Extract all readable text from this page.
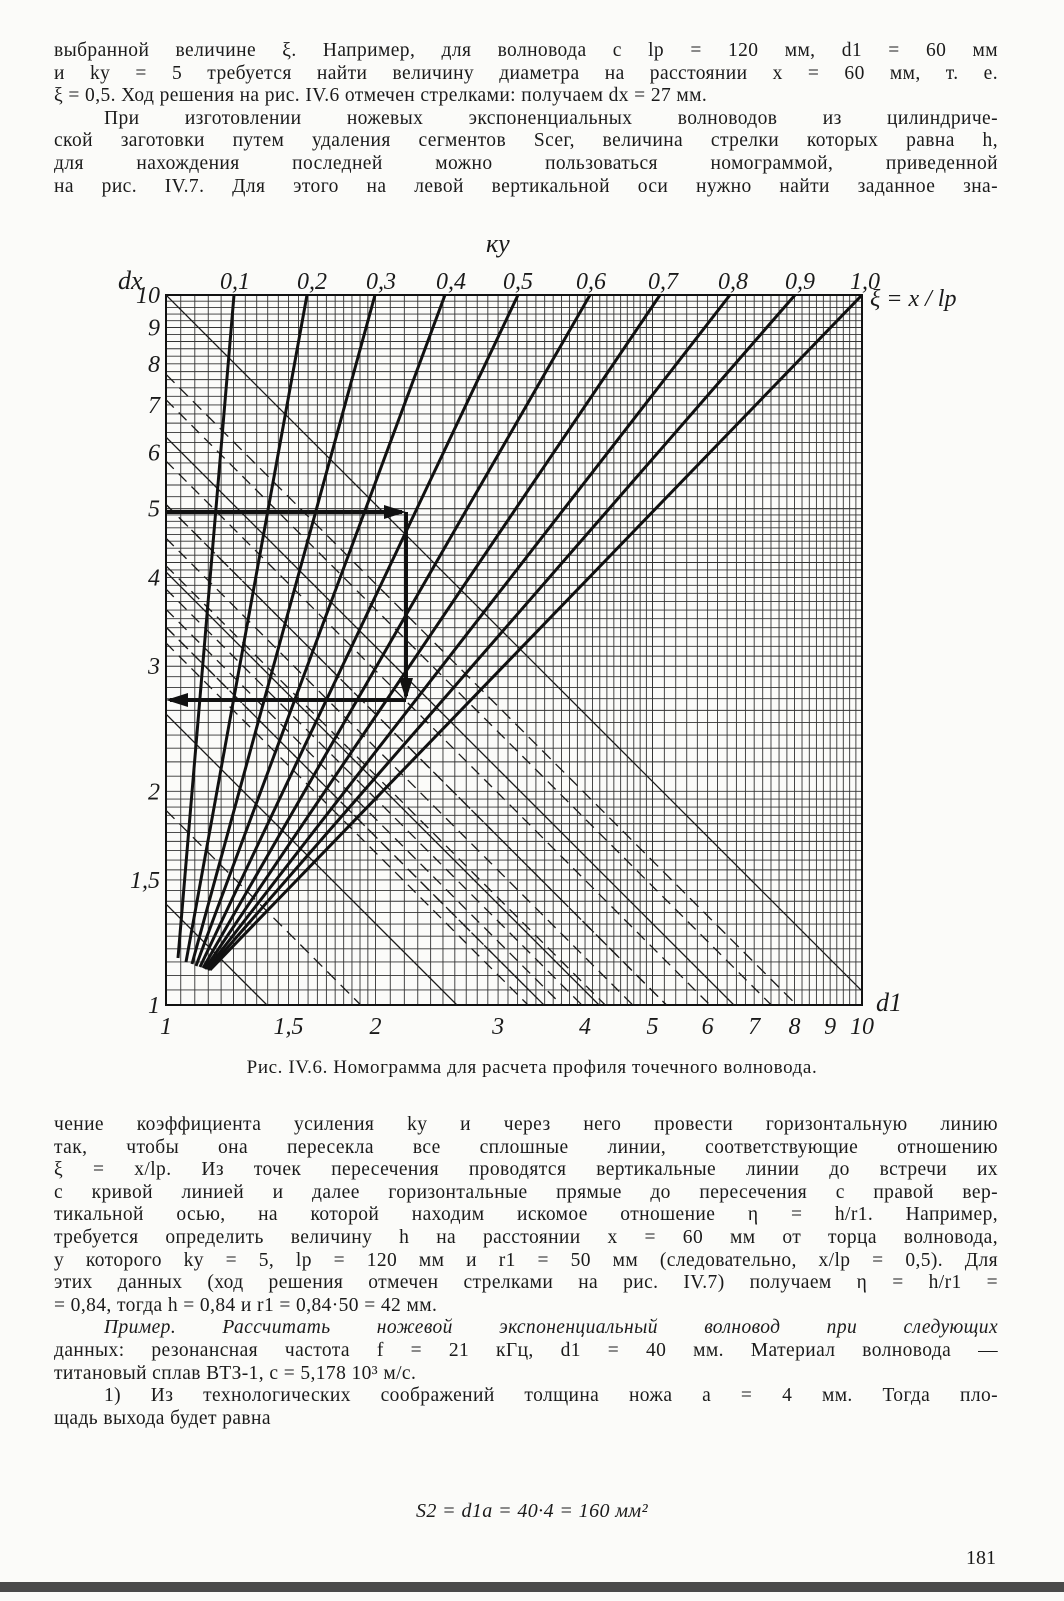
выбранной величине ξ. Например, для волновода с lр = 120 мм, d1 = 60 мм
и kу = 5 требуется найти величину диаметра на расстоянии x = 60 мм, т. е.
ξ = 0,5. Ход решения на рис. IV.6 отмечен стрелками: получаем dx = 27 мм.
При изготовлении ножевых экспоненциальных волноводов из цилиндриче-
ской заготовки путем удаления сегментов Sсег, величина стрелки которых равна h,
для нахождения последней можно пользоваться номограммой, приведенной
на рис. IV.7. Для этого на левой вертикальной оси нужно найти заданное зна-
0,1 0,2 0,3 0,4 0,5 0,6 0,7 0,8 0,9 1,0
10
9
8
7
6
5
4
3
2
1,5
1
1	1,5	2	3	4 5 6 7 8 9 10
ку
dx
ξ = x / lр
d1
Рис. IV.6. Номограмма для расчета профиля точечного волновода.
чение коэффициента усиления kу и через него провести горизонтальную линию
так, чтобы она пересекла все сплошные линии, соответствующие отношению
ξ = x/lр. Из точек пересечения проводятся вертикальные линии до встречи их
с кривой линией и далее горизонтальные прямые до пересечения с правой вер-
тикальной осью, на которой находим искомое отношение η = h/r1. Например,
требуется определить величину h на расстоянии x = 60 мм от торца волновода,
у которого kу = 5, lр = 120 мм и r1 = 50 мм (следовательно, x/lр = 0,5). Для
этих данных (ход решения отмечен стрелками на рис. IV.7) получаем η = h/r1 =
= 0,84, тогда h = 0,84 и r1 = 0,84·50 = 42 мм.
Пример. Рассчитать ножевой экспоненциальный волновод при следующих
данных: резонансная частота f = 21 кГц, d1 = 40 мм. Материал волновода —
титановый сплав ВТЗ-1, c = 5,178 10³ м/с.
1) Из технологических соображений толщина ножа a = 4 мм. Тогда пло-
щадь выхода будет равна
S2 = d1a = 40·4 = 160 мм²
181
